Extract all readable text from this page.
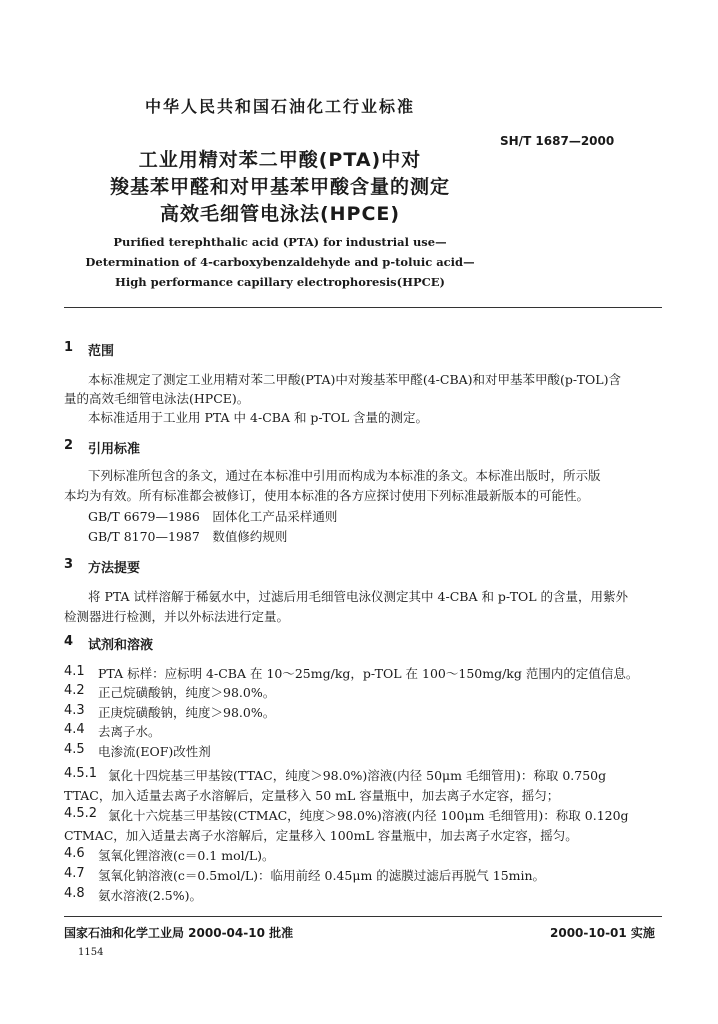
中华人民共和国石油化工行业标准
SH/T 1687—2000
工业用精对苯二甲酸(PTA)中对
羧基苯甲醛和对甲基苯甲酸含量的测定
高效毛细管电泳法(HPCE)
Purified terephthalic acid (PTA) for industrial use—
Determination of 4-carboxybenzaldehyde and p-toluic acid—
High performance capillary electrophoresis(HPCE)
1 范围
本标准规定了测定工业用精对苯二甲酸(PTA)中对羧基苯甲醛(4-CBA)和对甲基苯甲酸(p-TOL)含
量的高效毛细管电泳法(HPCE)。
本标准适用于工业用 PTA 中 4-CBA 和 p-TOL 含量的测定。
2 引用标准
下列标准所包含的条文，通过在本标准中引用而构成为本标准的条文。本标准出版时，所示版
本均为有效。所有标准都会被修订，使用本标准的各方应探讨使用下列标准最新版本的可能性。
GB/T 6679—1986　固体化工产品采样通则
GB/T 8170—1987　数值修约规则
3 方法提要
将 PTA 试样溶解于稀氨水中，过滤后用毛细管电泳仪测定其中 4-CBA 和 p-TOL 的含量，用紫外
检测器进行检测，并以外标法进行定量。
4 试剂和溶液
4.1 PTA 标样：应标明 4-CBA 在 10～25mg/kg，p-TOL 在 100～150mg/kg 范围内的定值信息。
4.2 正己烷磺酸钠，纯度＞98.0%。
4.3 正庚烷磺酸钠，纯度＞98.0%。
4.4 去离子水。
4.5 电渗流(EOF)改性剂
4.5.1 氯化十四烷基三甲基铵(TTAC，纯度＞98.0%)溶液(内径 50μm 毛细管用)：称取 0.750g
TTAC，加入适量去离子水溶解后，定量移入 50 mL 容量瓶中，加去离子水定容，摇匀；
4.5.2 氯化十六烷基三甲基铵(CTMAC，纯度＞98.0%)溶液(内径 100μm 毛细管用)：称取 0.120g
CTMAC，加入适量去离子水溶解后，定量移入 100mL 容量瓶中，加去离子水定容，摇匀。
4.6 氢氧化锂溶液(c＝0.1 mol/L)。
4.7 氢氧化钠溶液(c＝0.5mol/L)：临用前经 0.45μm 的滤膜过滤后再脱气 15min。
4.8 氨水溶液(2.5%)。
国家石油和化学工业局 2000-04-10 批准	2000-10-01 实施
1154
